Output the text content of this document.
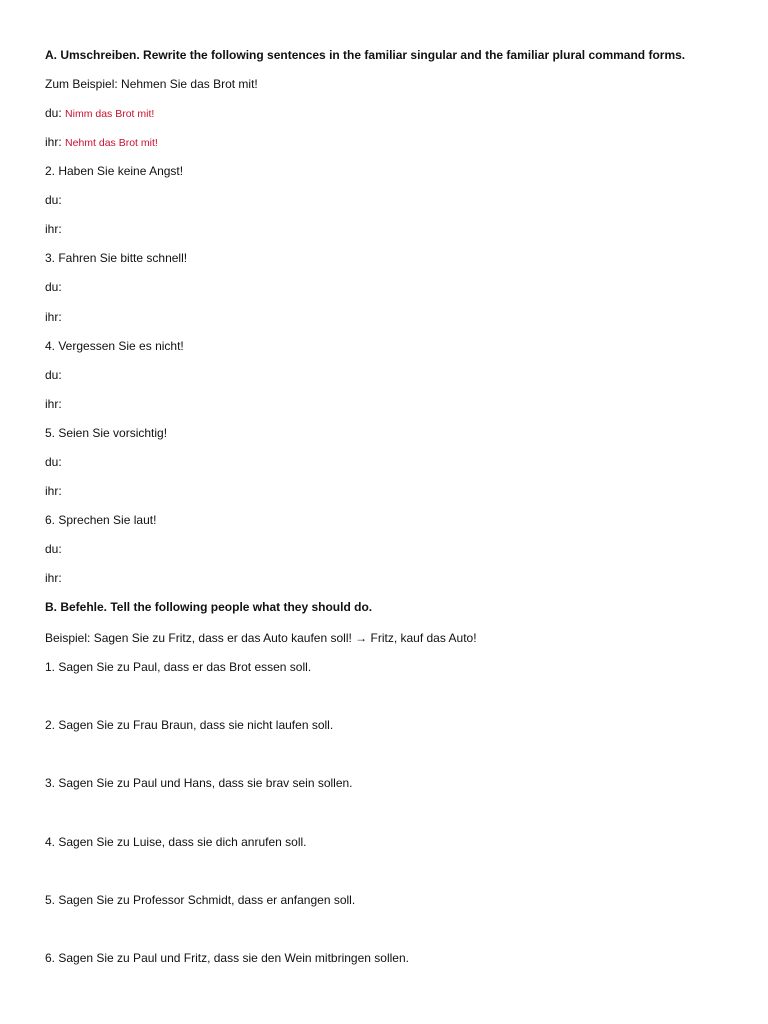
A. Umschreiben. Rewrite the following sentences in the familiar singular and the familiar plural command forms.
Zum Beispiel: Nehmen Sie das Brot mit!
du: Nimm das Brot mit!
ihr: Nehmt das Brot mit!
2. Haben Sie keine Angst!
du:
ihr:
3. Fahren Sie bitte schnell!
du:
ihr:
4. Vergessen Sie es nicht!
du:
ihr:
5. Seien Sie vorsichtig!
du:
ihr:
6. Sprechen Sie laut!
du:
ihr:
B. Befehle. Tell the following people what they should do.
Beispiel: Sagen Sie zu Fritz, dass er das Auto kaufen soll! → Fritz, kauf das Auto!
1. Sagen Sie zu Paul, dass er das Brot essen soll.
2. Sagen Sie zu Frau Braun, dass sie nicht laufen soll.
3. Sagen Sie zu Paul und Hans, dass sie brav sein sollen.
4. Sagen Sie zu Luise, dass sie dich anrufen soll.
5. Sagen Sie zu Professor Schmidt, dass er anfangen soll.
6. Sagen Sie zu Paul und Fritz, dass sie den Wein mitbringen sollen.
